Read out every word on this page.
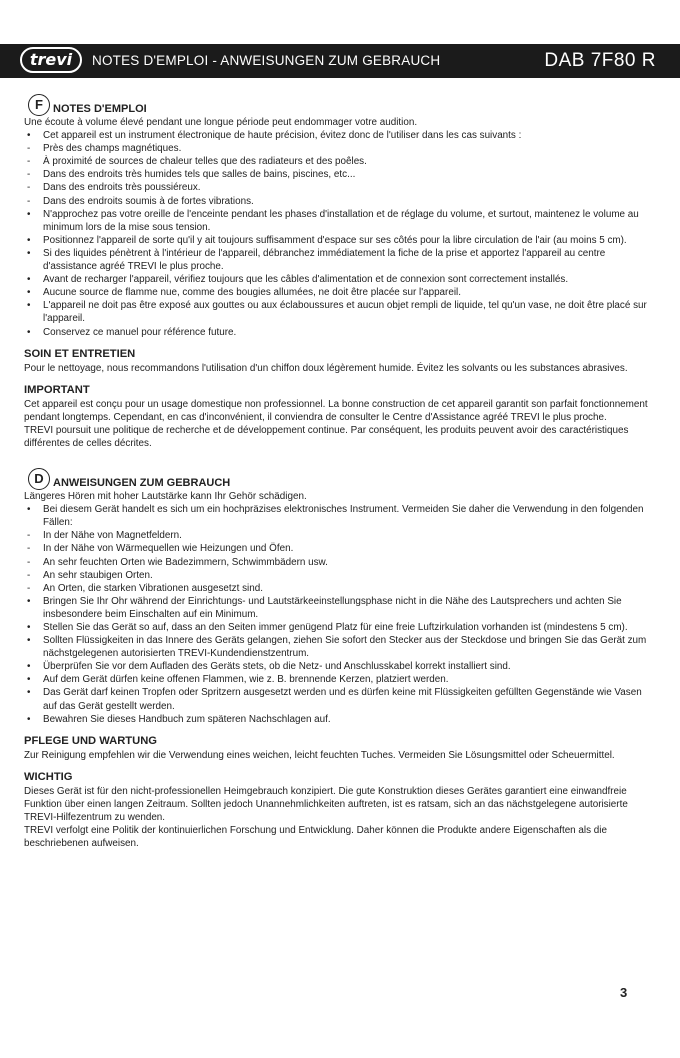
trevi	NOTES D'EMPLOI - ANWEISUNGEN ZUM GEBRAUCH	DAB 7F80 R
F NOTES D'EMPLOI

Une écoute à volume élevé pendant une longue période peut endommager votre audition.

• Cet appareil est un instrument électronique de haute précision, évitez donc de l'utiliser dans les cas suivants :
- Près des champs magnétiques.
- À proximité de sources de chaleur telles que des radiateurs et des poêles.
- Dans des endroits très humides tels que salles de bains, piscines, etc...
- Dans des endroits très poussiéreux.
- Dans des endroits soumis à de fortes vibrations.
• N'approchez pas votre oreille de l'enceinte pendant les phases d'installation et de réglage du volume, et surtout, maintenez le volume au minimum lors de la mise sous tension.
• Positionnez l'appareil de sorte qu'il y ait toujours suffisamment d'espace sur ses côtés pour la libre circulation de l'air (au moins 5 cm).
• Si des liquides pénètrent à l'intérieur de l'appareil, débranchez immédiatement la fiche de la prise et apportez l'appareil au centre d'assistance agréé TREVI le plus proche.
• Avant de recharger l'appareil, vérifiez toujours que les câbles d'alimentation et de connexion sont correctement installés.
• Aucune source de flamme nue, comme des bougies allumées, ne doit être placée sur l'appareil.
• L'appareil ne doit pas être exposé aux gouttes ou aux éclaboussures et aucun objet rempli de liquide, tel qu'un vase, ne doit être placé sur l'appareil.
• Conservez ce manuel pour référence future.
SOIN ET ENTRETIEN

Pour le nettoyage, nous recommandons l'utilisation d'un chiffon doux légèrement humide. Évitez les solvants ou les substances abrasives.

IMPORTANT

Cet appareil est conçu pour un usage domestique non professionnel. La bonne construction de cet appareil garantit son parfait fonctionnement pendant longtemps. Cependant, en cas d'inconvénient, il conviendra de consulter le Centre d'Assistance agréé TREVI le plus proche.

TREVI poursuit une politique de recherche et de développement continue. Par conséquent, les produits peuvent avoir des caractéristiques différentes de celles décrites.

D ANWEISUNGEN ZUM GEBRAUCH

Längeres Hören mit hoher Lautstärke kann Ihr Gehör schädigen.

• Bei diesem Gerät handelt es sich um ein hochpräzises elektronisches Instrument. Vermeiden Sie daher die Verwendung in den folgenden Fällen:
- In der Nähe von Magnetfeldern.
- In der Nähe von Wärmequellen wie Heizungen und Öfen.
- An sehr feuchten Orten wie Badezimmern, Schwimmbädern usw.
- An sehr staubigen Orten.
- An Orten, die starken Vibrationen ausgesetzt sind.
• Bringen Sie Ihr Ohr während der Einrichtungs- und Lautstärkeeinstellungsphase nicht in die Nähe des Lautsprechers und achten Sie insbesondere beim Einschalten auf ein Minimum.
• Stellen Sie das Gerät so auf, dass an den Seiten immer genügend Platz für eine freie Luftzirkulation vorhanden ist (mindestens 5 cm).
• Sollten Flüssigkeiten in das Innere des Geräts gelangen, ziehen Sie sofort den Stecker aus der Steckdose und bringen Sie das Gerät zum nächstgelegenen autorisierten TREVI-Kundendienstzentrum.
• Überprüfen Sie vor dem Aufladen des Geräts stets, ob die Netz- und Anschlusskabel korrekt installiert sind.
• Auf dem Gerät dürfen keine offenen Flammen, wie z. B. brennende Kerzen, platziert werden.
• Das Gerät darf keinen Tropfen oder Spritzern ausgesetzt werden und es dürfen keine mit Flüssigkeiten gefüllten Gegenstände wie Vasen auf das Gerät gestellt werden.
• Bewahren Sie dieses Handbuch zum späteren Nachschlagen auf.
PFLEGE UND WARTUNG

Zur Reinigung empfehlen wir die Verwendung eines weichen, leicht feuchten Tuches. Vermeiden Sie Lösungsmittel oder Scheuermittel.

WICHTIG

Dieses Gerät ist für den nicht-professionellen Heimgebrauch konzipiert. Die gute Konstruktion dieses Gerätes garantiert eine einwandfreie Funktion über einen langen Zeitraum. Sollten jedoch Unannehmlichkeiten auftreten, ist es ratsam, sich an das nächstgelegene autorisierte TREVI-Hilfezentrum zu wenden.

TREVI verfolgt eine Politik der kontinuierlichen Forschung und Entwicklung. Daher können die Produkte andere Eigenschaften als die beschriebenen aufweisen.

3
